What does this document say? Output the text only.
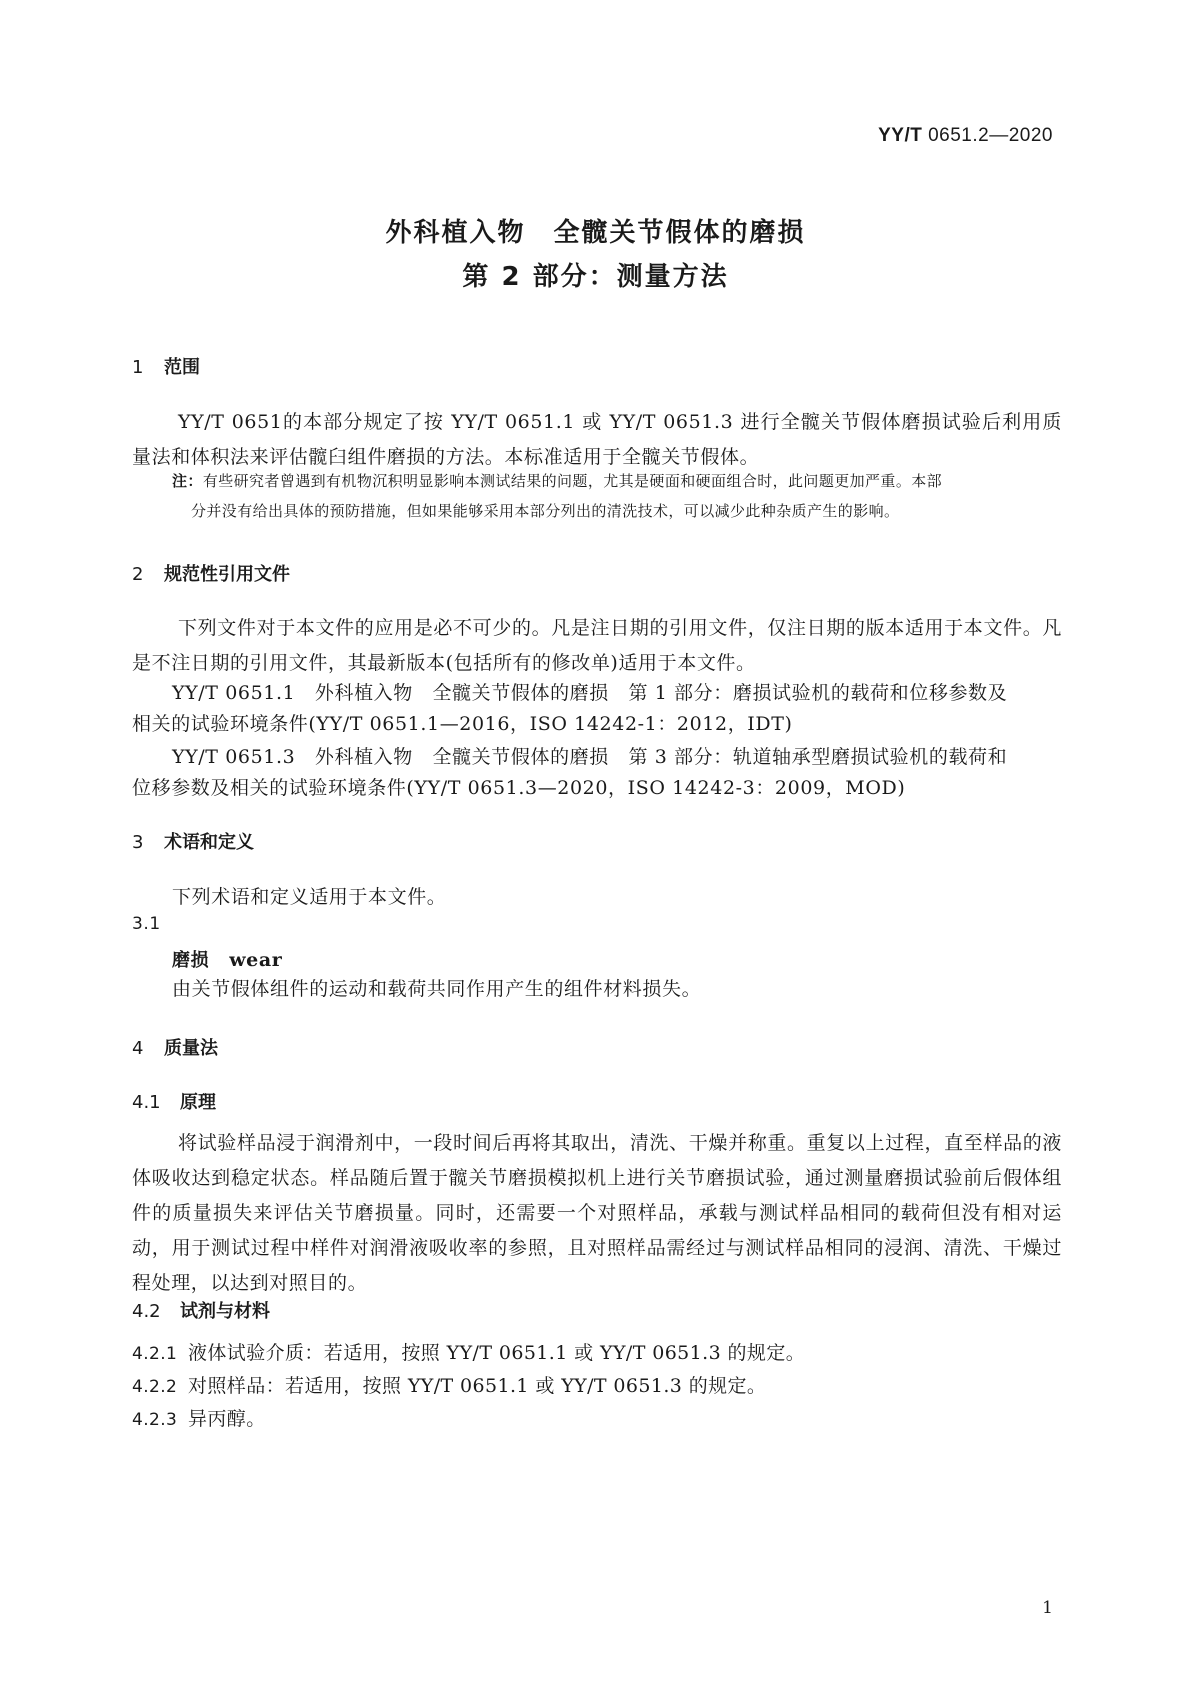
YY/T 0651.2—2020
外科植入物　全髋关节假体的磨损
第 2 部分：测量方法
1 范围
YY/T 0651的本部分规定了按 YY/T 0651.1 或 YY/T 0651.3 进行全髋关节假体磨损试验后利用质量法和体积法来评估髋臼组件磨损的方法。本标准适用于全髋关节假体。
注：有些研究者曾遇到有机物沉积明显影响本测试结果的问题，尤其是硬面和硬面组合时，此问题更加严重。本部
分并没有给出具体的预防措施，但如果能够采用本部分列出的清洗技术，可以减少此种杂质产生的影响。
2 规范性引用文件
下列文件对于本文件的应用是必不可少的。凡是注日期的引用文件，仅注日期的版本适用于本文件。凡是不注日期的引用文件，其最新版本(包括所有的修改单)适用于本文件。
YY/T 0651.1　外科植入物　全髋关节假体的磨损　第 1 部分：磨损试验机的载荷和位移参数及
相关的试验环境条件(YY/T 0651.1—2016，ISO 14242-1：2012，IDT)
YY/T 0651.3　外科植入物　全髋关节假体的磨损　第 3 部分：轨道轴承型磨损试验机的载荷和
位移参数及相关的试验环境条件(YY/T 0651.3—2020，ISO 14242-3：2009，MOD)
3 术语和定义
下列术语和定义适用于本文件。
3.1
磨损 wear
由关节假体组件的运动和载荷共同作用产生的组件材料损失。
4 质量法
4.1 原理
将试验样品浸于润滑剂中，一段时间后再将其取出，清洗、干燥并称重。重复以上过程，直至样品的液体吸收达到稳定状态。样品随后置于髋关节磨损模拟机上进行关节磨损试验，通过测量磨损试验前后假体组件的质量损失来评估关节磨损量。同时，还需要一个对照样品，承载与测试样品相同的载荷但没有相对运动，用于测试过程中样件对润滑液吸收率的参照，且对照样品需经过与测试样品相同的浸润、清洗、干燥过程处理，以达到对照目的。
4.2 试剂与材料
4.2.1 液体试验介质：若适用，按照 YY/T 0651.1 或 YY/T 0651.3 的规定。
4.2.2 对照样品：若适用，按照 YY/T 0651.1 或 YY/T 0651.3 的规定。
4.2.3 异丙醇。
1
